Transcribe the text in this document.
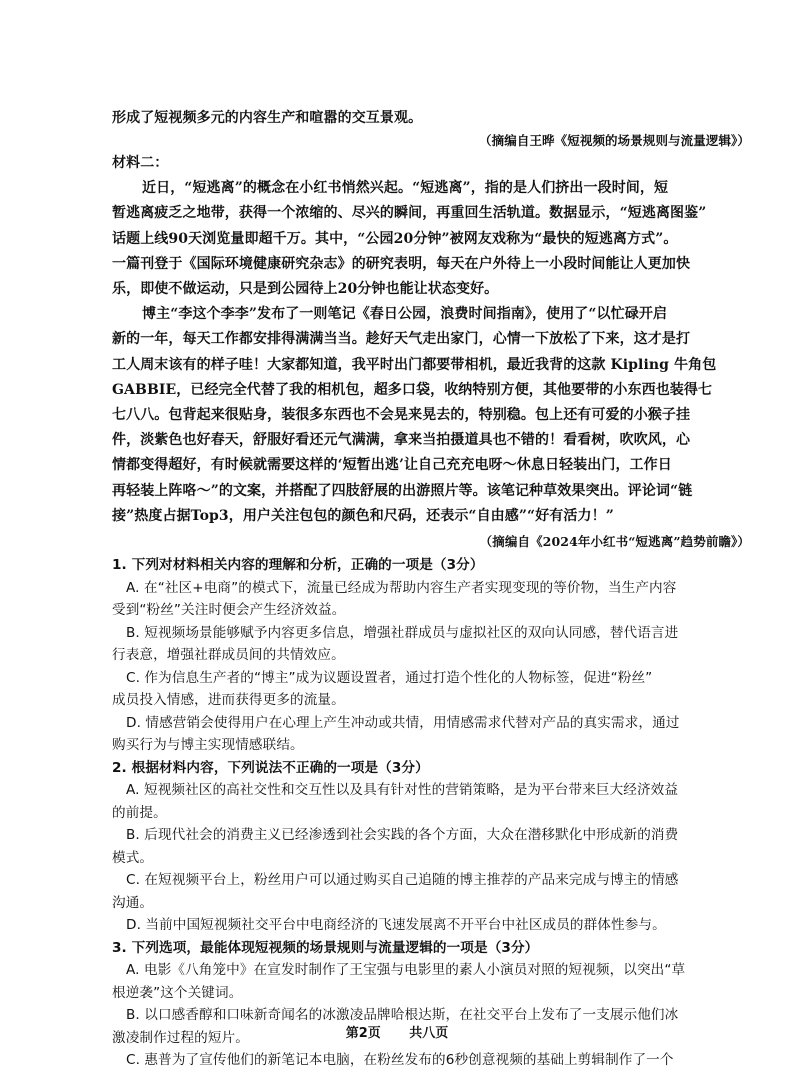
形成了短视频多元的内容生产和喧嚣的交互景观。

（摘编自王晔《短视频的场景规则与流量逻辑》）

材料二：

近日，“短逃离”的概念在小红书悄然兴起。“短逃离”，指的是人们挤出一段时间，短

暂逃离疲乏之地带，获得一个浓缩的、尽兴的瞬间，再重回生活轨道。数据显示，“短逃离图鉴”

话题上线90天浏览量即超千万。其中，“公园20分钟”被网友戏称为“最快的短逃离方式”。

一篇刊登于《国际环境健康研究杂志》的研究表明，每天在户外待上一小段时间能让人更加快

乐，即使不做运动，只是到公园待上20分钟也能让状态变好。

博主“李这个李李”发布了一则笔记《春日公园，浪费时间指南》，使用了“以忙碌开启

新的一年，每天工作都安排得满满当当。趁好天气走出家门，心情一下放松了下来，这才是打

工人周末该有的样子哇！大家都知道，我平时出门都要带相机，最近我背的这款 Kipling 牛角包

GABBIE，已经完全代替了我的相机包，超多口袋，收纳特别方便，其他要带的小东西也装得七

七八八。包背起来很贴身，装很多东西也不会晃来晃去的，特别稳。包上还有可爱的小猴子挂

件，淡紫色也好春天，舒服好看还元气满满，拿来当拍摄道具也不错的！看看树，吹吹风，心

情都变得超好，有时候就需要这样的‘短暂出逃’让自己充充电呀～休息日轻装出门，工作日

再轻装上阵咯～”的文案，并搭配了四肢舒展的出游照片等。该笔记种草效果突出。评论词“链

接”热度占据Top3，用户关注包包的颜色和尺码，还表示“自由感”“好有活力！”

（摘编自《2024年小红书“短逃离”趋势前瞻》）

1. 下列对材料相关内容的理解和分析，正确的一项是（3分）

A. 在“社区+电商”的模式下，流量已经成为帮助内容生产者实现变现的等价物，当生产内容

受到“粉丝”关注时便会产生经济效益。

B. 短视频场景能够赋予内容更多信息，增强社群成员与虚拟社区的双向认同感，替代语言进

行表意，增强社群成员间的共情效应。

C. 作为信息生产者的“博主”成为议题设置者，通过打造个性化的人物标签，促进“粉丝”

成员投入情感，进而获得更多的流量。

D. 情感营销会使得用户在心理上产生冲动或共情，用情感需求代替对产品的真实需求，通过

购买行为与博主实现情感联结。

2. 根据材料内容，下列说法不正确的一项是（3分）

A. 短视频社区的高社交性和交互性以及具有针对性的营销策略，是为平台带来巨大经济效益

的前提。

B. 后现代社会的消费主义已经渗透到社会实践的各个方面，大众在潜移默化中形成新的消费

模式。

C. 在短视频平台上，粉丝用户可以通过购买自己追随的博主推荐的产品来完成与博主的情感

沟通。

D. 当前中国短视频社交平台中电商经济的飞速发展离不开平台中社区成员的群体性参与。

3. 下列选项，最能体现短视频的场景规则与流量逻辑的一项是（3分）

A. 电影《八角笼中》在宣发时制作了王宝强与电影里的素人小演员对照的短视频，以突出“草

根逆袭”这个关键词。

B. 以口感香醇和口味新奇闻名的冰激凌品牌哈根达斯，在社交平台上发布了一支展示他们冰

激凌制作过程的短片。

C. 惠普为了宣传他们的新笔记本电脑，在粉丝发布的6秒创意视频的基础上剪辑制作了一个

第2页 共八页
